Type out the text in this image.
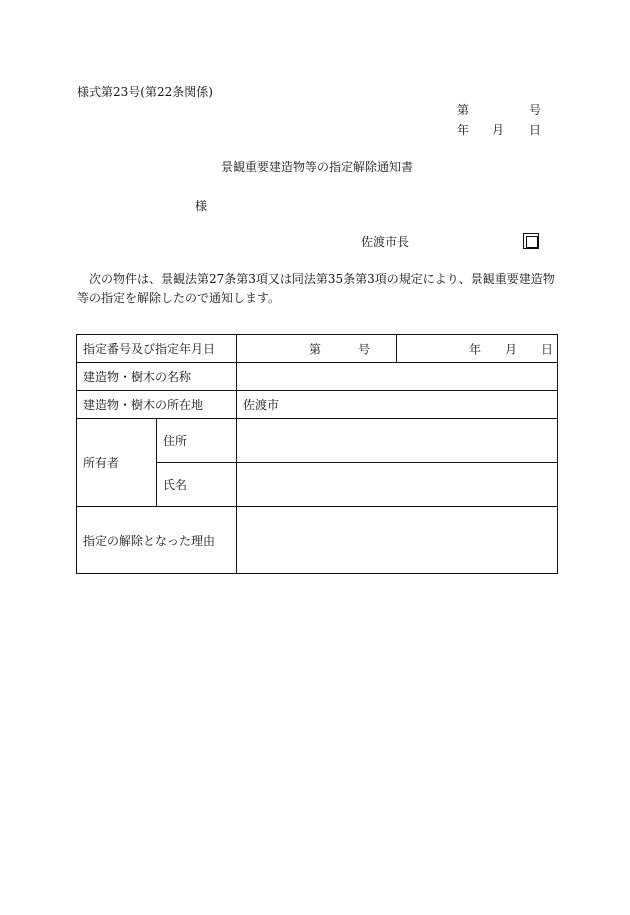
様式第23号(第22条関係)
第	号
年 月 日
景観重要建造物等の指定解除通知書
様
佐渡市長
次の物件は、景観法第27条第3項又は同法第35条第3項の規定により、景観重要建造物等の指定を解除したので通知します。
指定番号及び指定年月日		第 号	年 月 日

建造物・樹木の名称			
建造物・樹木の所在地		佐渡市	
所有者	住所		
	氏名		
指定の解除となった理由			
